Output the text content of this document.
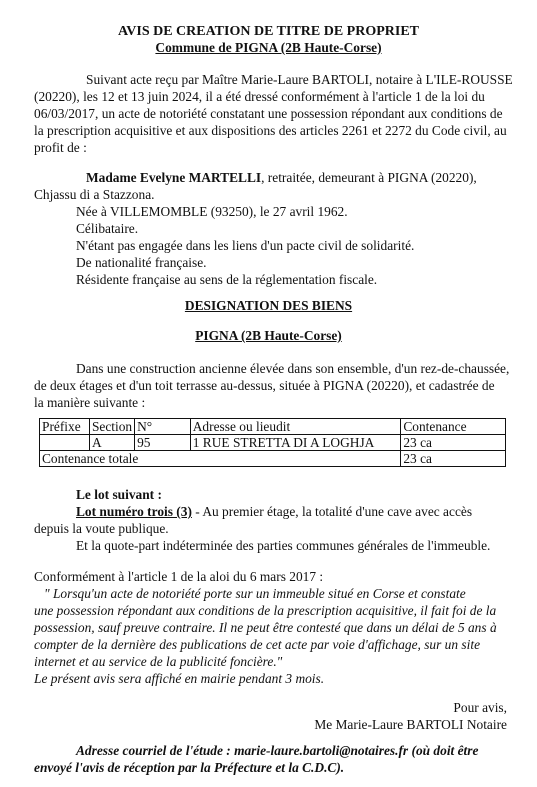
AVIS DE CREATION DE TITRE DE PROPRIET
Commune de PIGNA (2B Haute-Corse)
Suivant acte reçu par Maître Marie-Laure BARTOLI, notaire à L'ILE-ROUSSE
(20220), les 12 et 13 juin 2024, il a été dressé conformément à l'article 1 de la loi du
06/03/2017, un acte de notoriété constatant une possession répondant aux conditions de
la prescription acquisitive et aux dispositions des articles 2261 et 2272 du Code civil, au
profit de :
Madame Evelyne MARTELLI, retraitée, demeurant à PIGNA (20220),
Chjassu di a Stazzona.
Née à VILLEMOMBLE (93250), le 27 avril 1962.
Célibataire.
N'étant pas engagée dans les liens d'un pacte civil de solidarité.
De nationalité française.
Résidente française au sens de la réglementation fiscale.
DESIGNATION DES BIENS
PIGNA (2B Haute-Corse)
Dans une construction ancienne élevée dans son ensemble, d'un rez-de-chaussée,
de deux étages et d'un toit terrasse au-dessus, située à PIGNA (20220), et cadastrée de
la manière suivante :
Préfixe	Section	N°	Adresse ou lieudit	Contenance
	A	95	1 RUE STRETTA DI A LOGHJA	23 ca
Contenance totale				23 ca
Le lot suivant :
Lot numéro trois (3) - Au premier étage, la totalité d'une cave avec accès
depuis la voute publique.
Et la quote-part indéterminée des parties communes générales de l'immeuble.
Conformément à l'article 1 de la aloi du 6 mars 2017 :
" Lorsqu'un acte de notoriété porte sur un immeuble situé en Corse et constate
une possession répondant aux conditions de la prescription acquisitive, il fait foi de la
possession, sauf preuve contraire. Il ne peut être contesté que dans un délai de 5 ans à
compter de la dernière des publications de cet acte par voie d'affichage, sur un site
internet et au service de la publicité foncière."
Le présent avis sera affiché en mairie pendant 3 mois.
Pour avis,
Me Marie-Laure BARTOLI Notaire
Adresse courriel de l'étude : marie-laure.bartoli@notaires.fr (où doit être
envoyé l'avis de réception par la Préfecture et la C.D.C).
